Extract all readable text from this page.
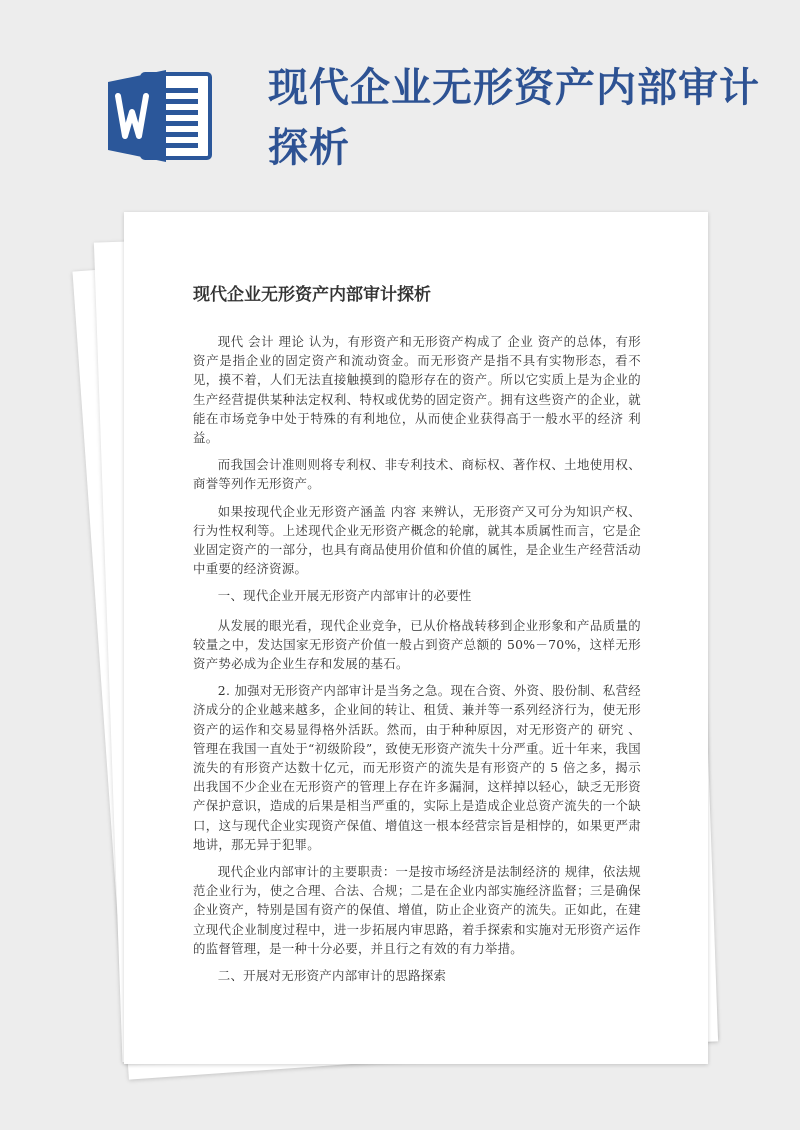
现代企业无形资产内部审计探析
现代企业无形资产内部审计探析

现代 会计 理论 认为，有形资产和无形资产构成了 企业 资产的总体，有形资产是指企业的固定资产和流动资金。而无形资产是指不具有实物形态，看不见，摸不着，人们无法直接触摸到的隐形存在的资产。所以它实质上是为企业的生产经营提供某种法定权利、特权或优势的固定资产。拥有这些资产的企业，就能在市场竞争中处于特殊的有利地位，从而使企业获得高于一般水平的经济 利益。

而我国会计准则则将专利权、非专利技术、商标权、著作权、土地使用权、商誉等列作无形资产。

如果按现代企业无形资产涵盖 内容 来辨认，无形资产又可分为知识产权、行为性权利等。上述现代企业无形资产概念的轮廓，就其本质属性而言，它是企业固定资产的一部分，也具有商品使用价值和价值的属性，是企业生产经营活动中重要的经济资源。

一、现代企业开展无形资产内部审计的必要性

从发展的眼光看，现代企业竞争，已从价格战转移到企业形象和产品质量的较量之中，发达国家无形资产价值一般占到资产总额的 50%－70%，这样无形资产势必成为企业生存和发展的基石。

2. 加强对无形资产内部审计是当务之急。现在合资、外资、股份制、私营经济成分的企业越来越多，企业间的转让、租赁、兼并等一系列经济行为，使无形资产的运作和交易显得格外活跃。然而，由于种种原因，对无形资产的 研究 、管理在我国一直处于“初级阶段”，致使无形资产流失十分严重。近十年来，我国流失的有形资产达数十亿元，而无形资产的流失是有形资产的 5 倍之多，揭示出我国不少企业在无形资产的管理上存在许多漏洞，这样掉以轻心，缺乏无形资产保护意识，造成的后果是相当严重的，实际上是造成企业总资产流失的一个缺口，这与现代企业实现资产保值、增值这一根本经营宗旨是相悖的，如果更严肃地讲，那无异于犯罪。

现代企业内部审计的主要职责：一是按市场经济是法制经济的 规律，依法规范企业行为，使之合理、合法、合规；二是在企业内部实施经济监督；三是确保企业资产，特别是国有资产的保值、增值，防止企业资产的流失。正如此，在建立现代企业制度过程中，进一步拓展内审思路，着手探索和实施对无形资产运作的监督管理，是一种十分必要，并且行之有效的有力举措。

二、开展对无形资产内部审计的思路探索
